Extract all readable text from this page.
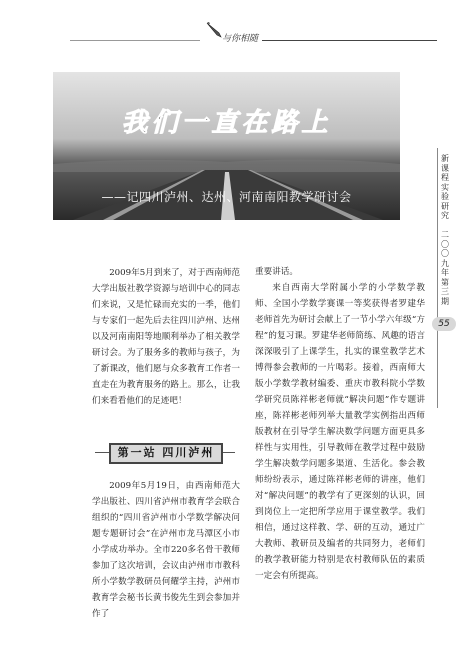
与你相随
我们一直在路上
——记四川泸州、达州、河南南阳教学研讨会
新课程实验研究

二〇〇九年 第三期
55

2009年5月到来了，对于西南师范大学出版社教学资源与培训中心的同志们来说，又是忙碌而充实的一季，他们与专家们一起先后去往四川泸州、达州以及河南南阳等地顺利举办了相关教学研讨会。为了服务多的教师与孩子，为了新课改，他们愿与众多教育工作者一直走在为教育服务的路上。那么，让我们来看看他们的足迹吧！

第一站 四川泸州

2009年5月19日，由西南师范大学出版社、四川省泸州市教育学会联合组织的“四川省泸州市小学数学解决问题专题研讨会”在泸州市龙马潭区小市小学成功举办。全市220多名骨干教师参加了这次培训，会议由泸州市市教科所小学数学教研员何耀学主持，泸州市教育学会秘书长黄书俊先生到会参加并作了

重要讲话。

来自西南大学附属小学的小学数学教师、全国小学数学赛课一等奖获得者罗建华老师首先为研讨会献上了一节小学六年级“方程”的复习课。罗建华老师简练、风趣的语言深深吸引了上课学生，扎实的课堂教学艺术博得参会教师的一片喝彩。接着，西南师大版小学数学教材编委、重庆市教科院小学数学研究员陈祥彬老师就“解决问题”作专题讲座，陈祥彬老师列举大量教学实例指出西师版教材在引导学生解决数学问题方面更具多样性与实用性，引导教师在教学过程中鼓励学生解决数学问题多渠道、生活化。参会教师纷纷表示，通过陈祥彬老师的讲座，他们对“解决问题”的教学有了更深刻的认识，回到岗位上一定把所学应用于课堂教学。我们相信，通过这样教、学、研的互动，通过广大教师、教研员及编者的共同努力，老师们的教学教研能力特别是农村教师队伍的素质一定会有所提高。
